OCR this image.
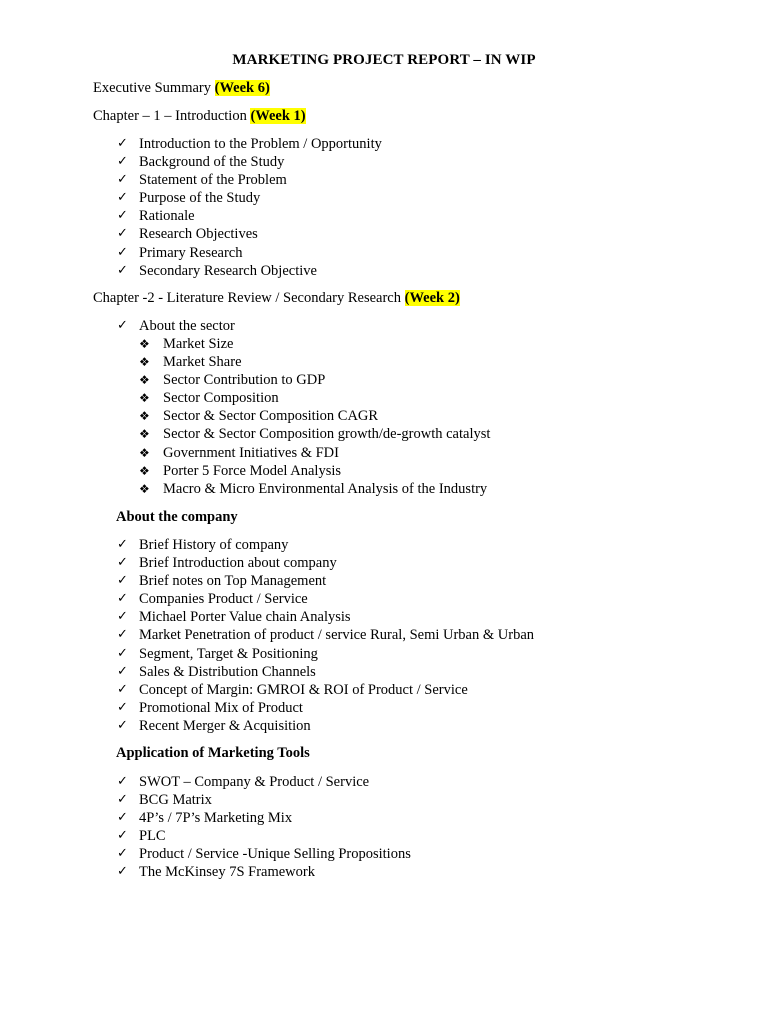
MARKETING PROJECT REPORT – IN WIP
Executive Summary (Week 6)
Chapter – 1 – Introduction (Week 1)
✓ Introduction to the Problem / Opportunity
✓ Background of the Study
✓ Statement of the Problem
✓ Purpose of the Study
✓ Rationale
✓ Research Objectives
✓ Primary Research
✓ Secondary Research Objective
Chapter -2 - Literature Review / Secondary Research (Week 2)
✓ About the sector
❖ Market Size
❖ Market Share
❖ Sector Contribution to GDP
❖ Sector Composition
❖ Sector & Sector Composition CAGR
❖ Sector & Sector Composition growth/de-growth catalyst
❖ Government Initiatives & FDI
❖ Porter 5 Force Model Analysis
❖ Macro & Micro Environmental Analysis of the Industry
About the company
✓ Brief History of company
✓ Brief Introduction about company
✓ Brief notes on Top Management
✓ Companies Product / Service
✓ Michael Porter Value chain Analysis
✓ Market Penetration of product / service Rural, Semi Urban & Urban
✓ Segment, Target & Positioning
✓ Sales & Distribution Channels
✓ Concept of Margin: GMROI & ROI of Product / Service
✓ Promotional Mix of Product
✓ Recent Merger & Acquisition
Application of Marketing Tools
✓ SWOT – Company & Product / Service
✓ BCG Matrix
✓ 4P’s / 7P’s Marketing Mix
✓ PLC
✓ Product / Service -Unique Selling Propositions
✓ The McKinsey 7S Framework
